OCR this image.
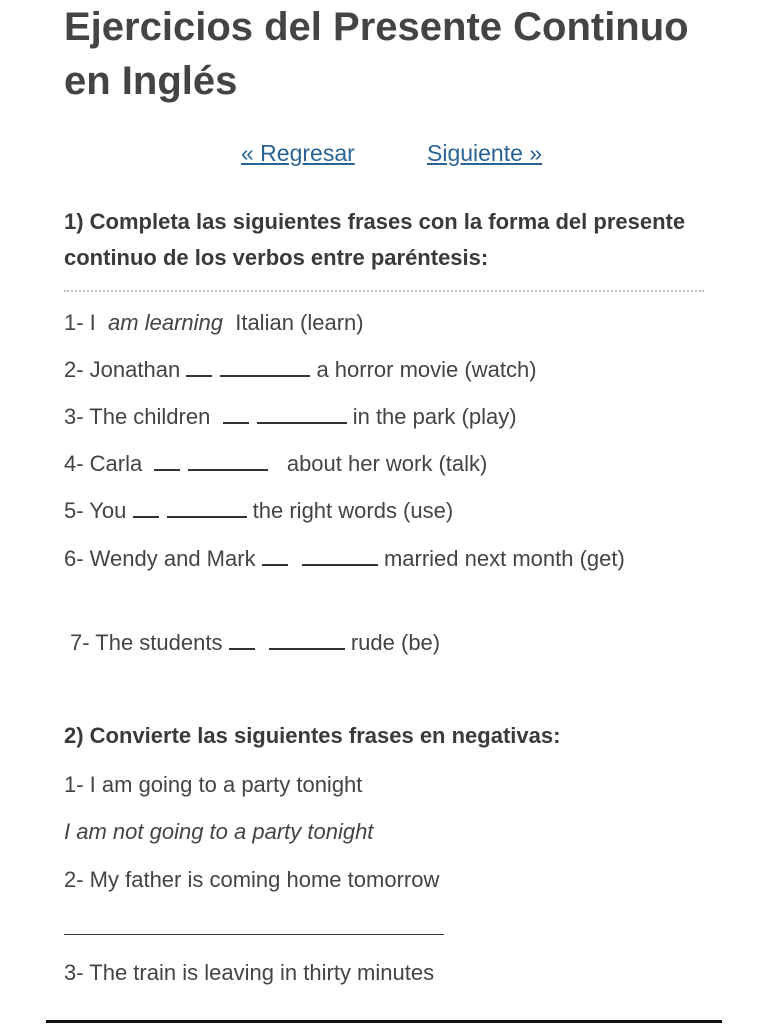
Ejercicios del Presente Continuo en Inglés
« Regresar	Siguiente »
1) Completa las siguientes frases con la forma del presente continuo de los verbos entre paréntesis:
1- I am learning Italian (learn)
2- Jonathan	a horror movie (watch)
3- The children	in the park (play)
4- Carla	about her work (talk)
5- You	the right words (use)
6- Wendy and Mark	married next month (get)
7- The students	rude (be)
2) Convierte las siguientes frases en negativas:
1- I am going to a party tonight
I am not going to a party tonight
2- My father is coming home tomorrow
3- The train is leaving in thirty minutes
